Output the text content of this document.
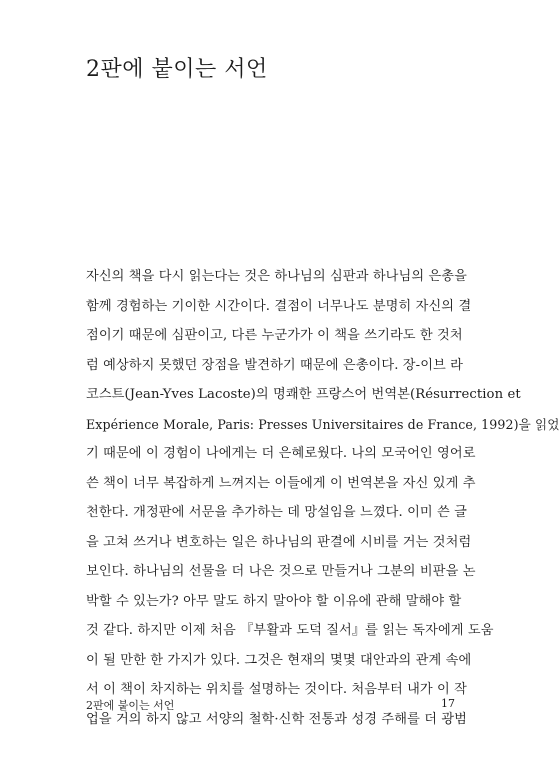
2판에 붙이는 서언
자신의 책을 다시 읽는다는 것은 하나님의 심판과 하나님의 은총을
함께 경험하는 기이한 시간이다. 결점이 너무나도 분명히 자신의 결
점이기 때문에 심판이고, 다른 누군가가 이 책을 쓰기라도 한 것처
럼 예상하지 못했던 장점을 발견하기 때문에 은총이다. 장-이브 라
코스트(Jean-Yves Lacoste)의 명쾌한 프랑스어 번역본(Résurrection et
Expérience Morale, Paris: Presses Universitaires de France, 1992)을 읽었
기 때문에 이 경험이 나에게는 더 은혜로웠다. 나의 모국어인 영어로
쓴 책이 너무 복잡하게 느껴지는 이들에게 이 번역본을 자신 있게 추
천한다. 개정판에 서문을 추가하는 데 망설임을 느꼈다. 이미 쓴 글
을 고쳐 쓰거나 변호하는 일은 하나님의 판결에 시비를 거는 것처럼
보인다. 하나님의 선물을 더 나은 것으로 만들거나 그분의 비판을 논
박할 수 있는가? 아무 말도 하지 말아야 할 이유에 관해 말해야 할
것 같다. 하지만 이제 처음 『부활과 도덕 질서』를 읽는 독자에게 도움
이 될 만한 한 가지가 있다. 그것은 현재의 몇몇 대안과의 관계 속에
서 이 책이 차지하는 위치를 설명하는 것이다. 처음부터 내가 이 작
업을 거의 하지 않고 서양의 철학·신학 전통과 성경 주해를 더 광범
2판에 붙이는 서언	17
